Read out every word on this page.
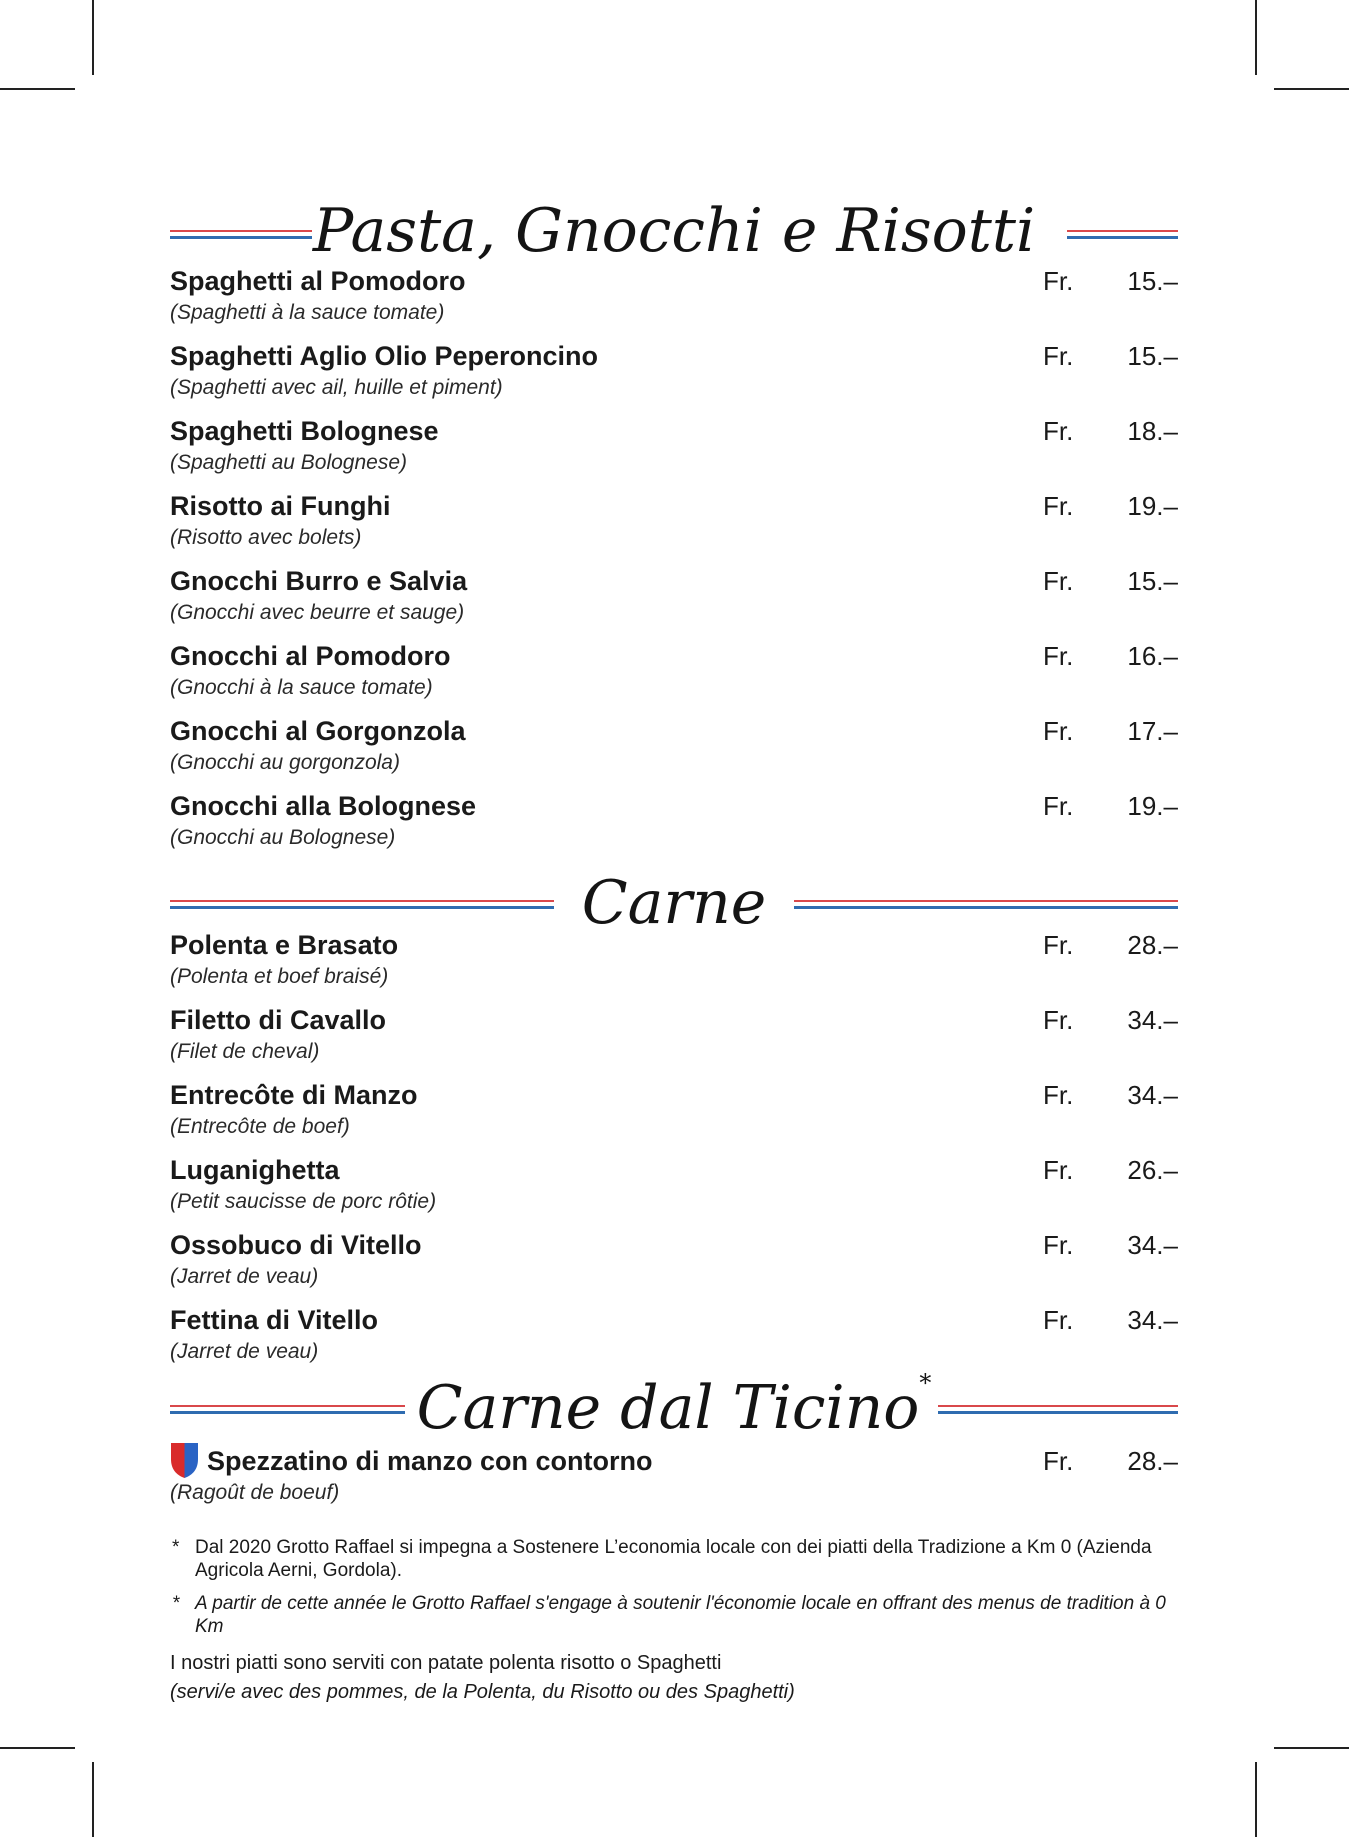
Pasta, Gnocchi e Risotti
Spaghetti al Pomodoro
(Spaghetti à la sauce tomate)
Fr. 15.–
Spaghetti Aglio Olio Peperoncino
(Spaghetti avec ail, huille et piment)
Fr. 15.–
Spaghetti Bolognese
(Spaghetti au Bolognese)
Fr. 18.–
Risotto ai Funghi
(Risotto avec bolets)
Fr. 19.–
Gnocchi Burro e Salvia
(Gnocchi avec beurre et sauge)
Fr. 15.–
Gnocchi al Pomodoro
(Gnocchi à la sauce tomate)
Fr. 16.–
Gnocchi al Gorgonzola
(Gnocchi au gorgonzola)
Fr. 17.–
Gnocchi alla Bolognese
(Gnocchi au Bolognese)
Fr. 19.–
Carne
Polenta e Brasato
(Polenta et boef braisé)
Fr. 28.–
Filetto di Cavallo
(Filet de cheval)
Fr. 34.–
Entrecôte di Manzo
(Entrecôte de boef)
Fr. 34.–
Luganighetta
(Petit saucisse de porc rôtie)
Fr. 26.–
Ossobuco di Vitello
(Jarret de veau)
Fr. 34.–
Fettina di Vitello
(Jarret de veau)
Fr. 34.–
Carne dal Ticino*
Spezzatino di manzo con contorno
(Ragoût de boeuf)
Fr. 28.–
* Dal 2020 Grotto Raffael si impegna a Sostenere L’economia locale con dei piatti della Tradizione a Km 0 (Azienda Agricola Aerni, Gordola).
* A partir de cette année le Grotto Raffael s'engage à soutenir l'économie locale en offrant des menus de tradition à 0 Km
I nostri piatti sono serviti con patate polenta risotto o Spaghetti
(servi/e avec des pommes, de la Polenta, du Risotto ou des Spaghetti)
